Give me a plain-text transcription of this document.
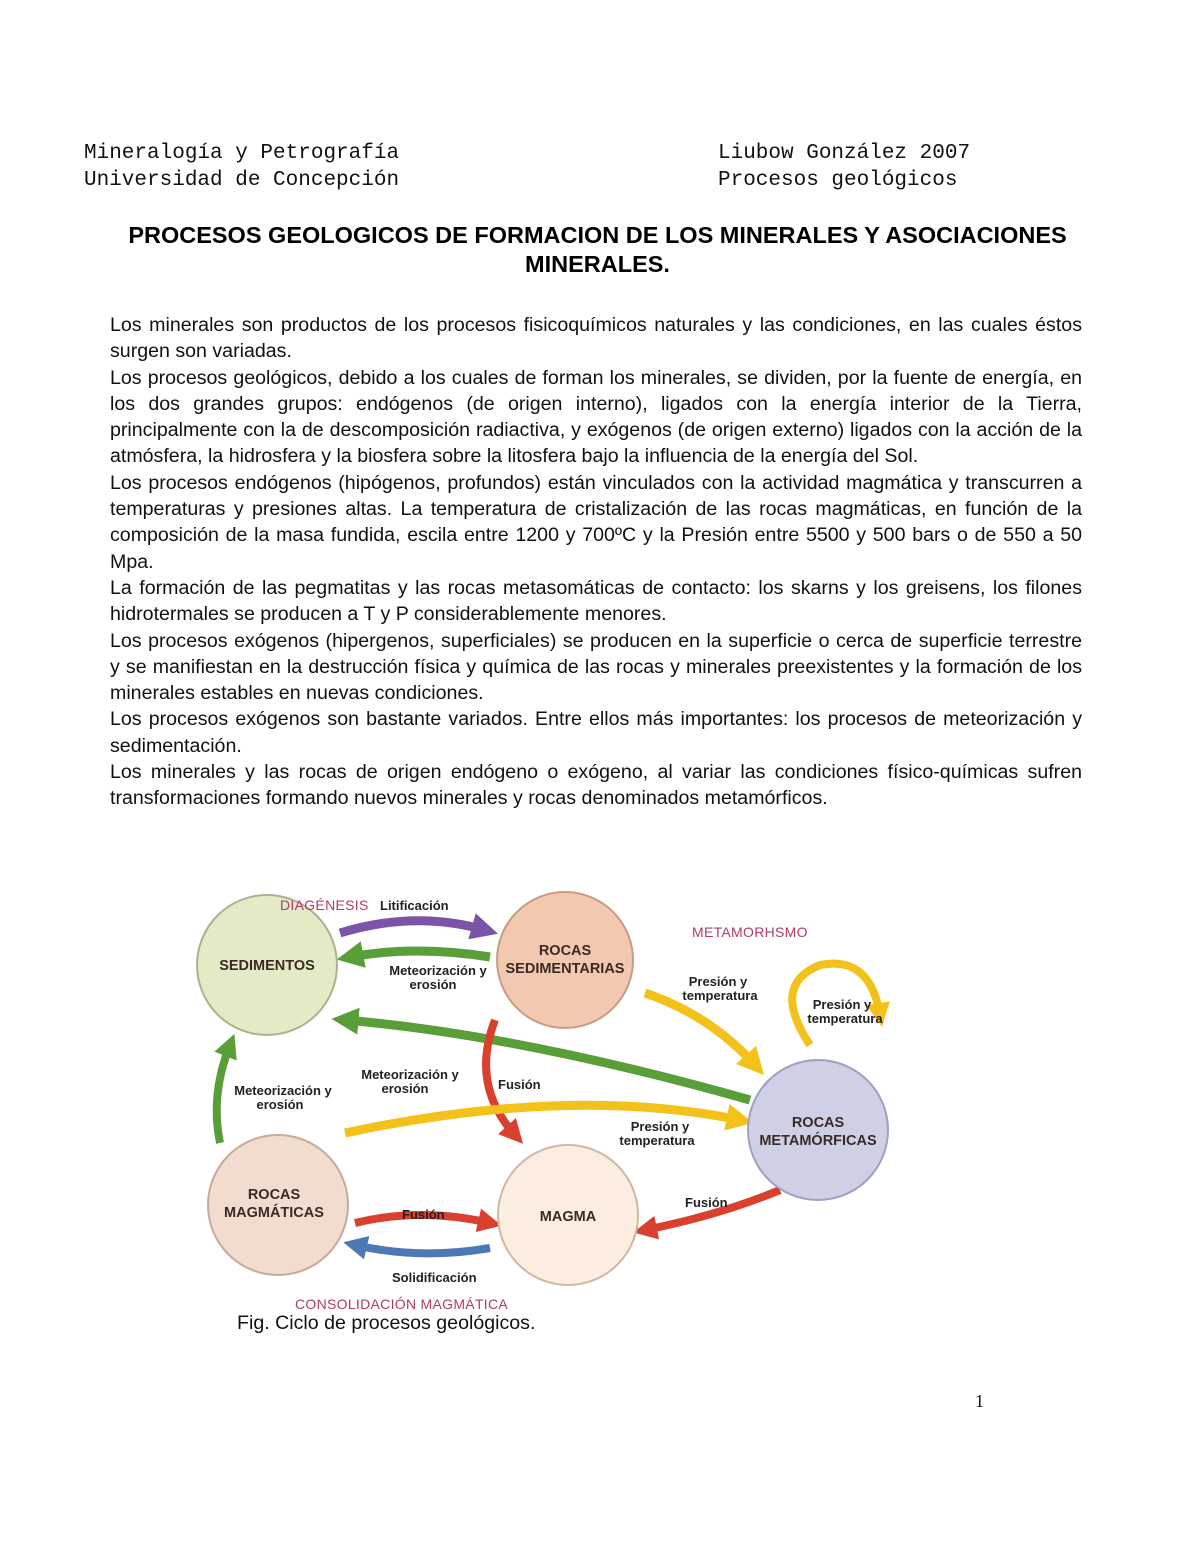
Mineralogía y Petrografía
Universidad de Concepción
Liubow González 2007
Procesos geológicos
PROCESOS GEOLOGICOS DE FORMACION DE LOS MINERALES Y ASOCIACIONES MINERALES.

Los minerales son productos de los procesos fisicoquímicos naturales y las condiciones, en las cuales éstos surgen son variadas.

Los procesos geológicos, debido a los cuales de forman los minerales, se dividen, por la fuente de energía, en los dos grandes grupos: endógenos (de origen interno), ligados con la energía interior de la Tierra, principalmente con la de descomposición radiactiva, y exógenos (de origen externo) ligados con la acción de la atmósfera, la hidrosfera y la biosfera sobre la litosfera bajo la influencia de la energía del Sol.

Los procesos endógenos (hipógenos, profundos) están vinculados con la actividad magmática y transcurren a temperaturas y presiones altas. La temperatura de cristalización de las rocas magmáticas, en función de la composición de la masa fundida, escila entre 1200 y 700ºC y la Presión entre 5500 y 500 bars o de 550 a 50 Mpa.

La formación de las pegmatitas y las rocas metasomáticas de contacto: los skarns y los greisens, los filones hidrotermales se producen a T y P considerablemente menores.

Los procesos exógenos (hipergenos, superficiales) se producen en la superficie o cerca de superficie terrestre y se manifiestan en la destrucción física y química de las rocas y minerales preexistentes y la formación de los minerales estables en nuevas condiciones.

Los procesos exógenos son bastante variados. Entre ellos más importantes: los procesos de meteorización y sedimentación.

Los minerales y las rocas de origen endógeno o exógeno, al variar las condiciones físico-químicas sufren transformaciones formando nuevos minerales y rocas denominados metamórficos.

SEDIMENTOS
ROCAS
SEDIMENTARIAS
ROCAS
METAMÓRFICAS
ROCAS
MAGMÁTICAS	MAGMA
DIAGÉNESIS
METAMORHSMO
CONSOLIDACIÓN MAGMÁTICA
Litificación
Meteorización y
erosión	Presión y
temperatura
Presión y
temperatura
Meteorización y
erosión
Meteorización y
erosión
Fusión
Presión y
temperatura
Fusión
Fusión
Solidificación
Fig. Ciclo de procesos geológicos.
1
